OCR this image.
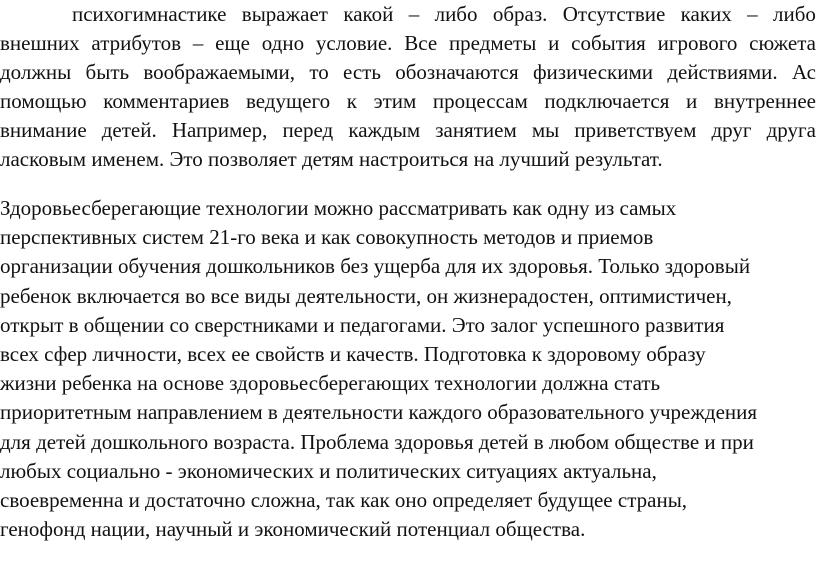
психогимнастике выражает какой – либо образ. Отсутствие каких – либо
внешних атрибутов – еще одно условие. Все предметы и события игрового сюжета
должны быть воображаемыми, то есть обозначаются физическими действиями. Ас
помощью комментариев ведущего к этим процессам подключается и внутреннее
внимание детей. Например, перед каждым занятием мы приветствуем друг друга
ласковым именем. Это позволяет детям настроиться на лучший результат.
Здоровьесберегающие технологии можно рассматривать как одну из самых
перспективных систем 21-го века и как совокупность методов и приемов
организации обучения дошкольников без ущерба для их здоровья. Только здоровый
ребенок включается во все виды деятельности, он жизнерадостен, оптимистичен,
открыт в общении со сверстниками и педагогами. Это залог успешного развития
всех сфер личности, всех ее свойств и качеств. Подготовка к здоровому образу
жизни ребенка на основе здоровьесберегающих технологии должна стать
приоритетным направлением в деятельности каждого образовательного учреждения
для детей дошкольного возраста. Проблема здоровья детей в любом обществе и при
любых социально - экономических и политических ситуациях актуальна,
своевременна и достаточно сложна, так как оно определяет будущее страны,
генофонд нации, научный и экономический потенциал общества.
